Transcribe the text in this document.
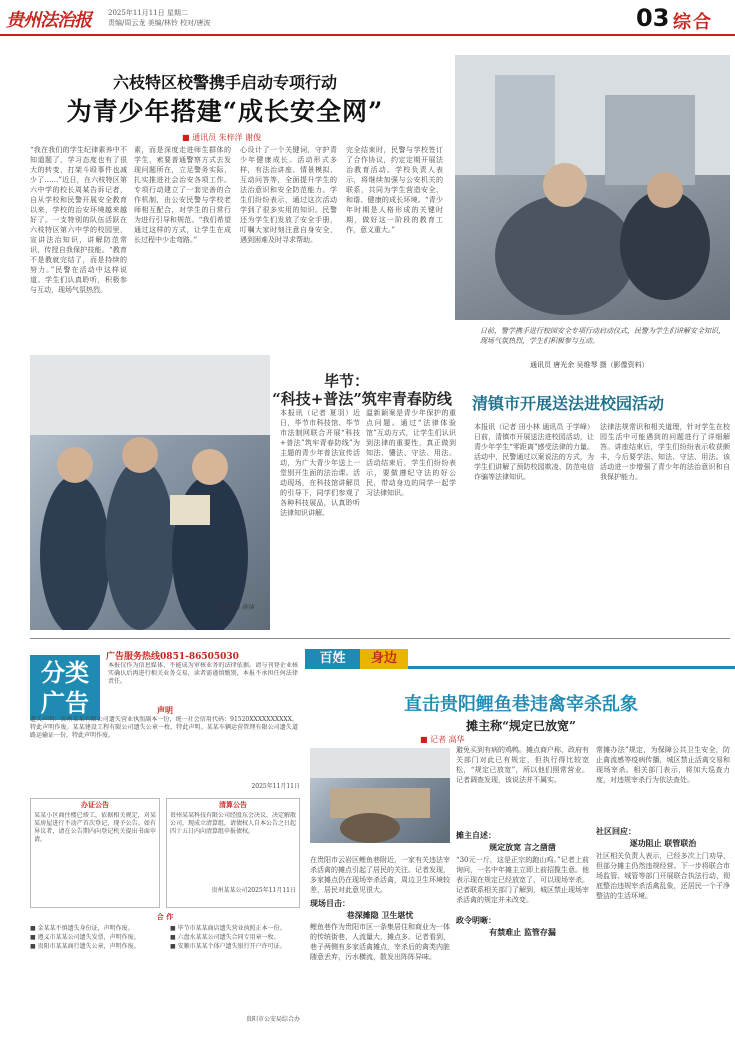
贵州法治报 2025年11月11日 星期二
责编/周云龙 美编/林铃 校对/唐波	03 综合
六枝特区校警携手启动专项行动
为青少年搭建“成长安全网”
■ 通讯员 朱梓洋 谢俊
“我在我们的学生纪律素养中不知道题了，学习态度也有了很大的转变，打架斗殴事件也减少了……”近日，在六枝特区第六中学的校长周某告诉记者，自从学校和民警开展安全教育以来，学校的治安环境越来越好了。一支特别的队伍活跃在六枝特区第六中学的校园里，宣讲法治知识，讲解防范常识，传授自我保护技能。“教育不是教就完结了，而是持续的努力。”民警在活动中这样说道。学生们认真聆听，积极参与互动，现场气氛热烈。
素，而是深度走进师生群体的学生，索要普通警察方式去发现问题所在，立足警务实际，扎实推进社会治安各项工作。专项行动建立了一套完善的合作机制，由公安民警与学校老师相互配合，对学生的日常行为进行引导和规范。“我们希望通过这样的方式，让学生在成长过程中少走弯路。”
心设计了一个关键词，守护青少年健康成长。活动形式多样，有法治讲座、情景模拟、互动问答等，全面提升学生的法治意识和安全防范能力。学生们纷纷表示，通过这次活动学到了很多实用的知识。民警还为学生们发放了安全手册，叮嘱大家时刻注意自身安全，遇到困难及时寻求帮助。
完全结束时，民警与学校签订了合作协议，约定定期开展法治教育活动。学校负责人表示，将继续加强与公安机关的联系，共同为学生营造安全、和谐、健康的成长环境。“青少年时期是人格形成的关键时期，做好这一阶段的教育工作，意义重大。”
日前，警学携手进行校园安全专项行动启动仪式，民警为学生们讲解安全知识，现场气氛热烈，学生们积极参与互动。
通讯员 唐光余 吴维琴 摄（影像资料）
毕节：
“科技+普法”筑牢青春防线
通讯员 蒋伟
本报讯（记者 夏羽）近日，毕节市科技馆、毕节市法制网联合开展“科技+普法”筑牢青春防线”为主题的青少年普法宣传活动，为广大青少年送上一堂别开生面的法治课。活动现场，在科技馆讲解员的引导下，同学们参观了各种科技展品，认真聆听法律知识讲解。
温新颖案是青少年保护的重点问题。通过“法律体验馆”互动方式，让学生们认识到法律的重要性，真正做到知法、懂法、守法、用法。活动结束后，学生们纷纷表示，要做遵纪守法的好公民，带动身边的同学一起学习法律知识。
清镇市开展送法进校园活动
本报讯（记者 田小林 通讯员 于学峰）日前，清镇市开展送法进校园活动，让青少年学生“零距离”感受法律的力量。活动中，民警通过以案说法的方式，为学生们讲解了预防校园欺凌、防范电信诈骗等法律知识。
法律法规常识和相关道理，针对学生在校园生活中可能遇到的问题进行了详细解答。讲座结束后，学生们纷纷表示收获颇丰，今后要学法、知法、守法、用法。该活动进一步增强了青少年的法治意识和自我保护能力。
广告服务热线0851-86505030
分类
广告
本报仅作为信息媒体，不能成为审核业务的法律依据。请与刊登企业核实确认后再进行相关业务交易，读者需谨慎甄别，本报不承担任何法律责任。
声明
遗失声明：贵州某某有限公司遗失营业执照副本一份，统一社会信用代码：91520XXXXXXXXXX，特此声明作废。某某建设工程有限公司遗失公章一枚，特此声明。某某车辆运营管理有限公司遗失道路运输证一份，特此声明作废。
2025年11月11日
办证公告
某某小区商住楼已竣工，依据相关规定，对某某房屋进行不动产首次登记，现予公告。如有异议者，请在公告期内向登记机关提出书面申请。
清算公告
贵州某某科技有限公司经股东会决议，决定解散公司，现成立清算组，请债权人自本公告之日起四十五日内向清算组申报债权。
贵州某某公司2025年11月11日
合 作
■ 金某某不慎遗失身份证，声明作废。
■ 遵义市某某公司遗失发票，声明作废。
■ 贵阳市某某商行遗失公章，声明作废。
■ 毕节市某某商店遗失营业执照正本一份。
■ 六盘水某某公司遗失合同专用章一枚。
■ 安顺市某某个体户遗失银行开户许可证。
贵阳市公安局综合办
百姓	身边
直击贵阳鲤鱼巷违禽宰杀乱象
摊主称“规定已放宽”
■ 记者 高华
在贵阳市云岩区鲤鱼巷附近，一家有关违法宰杀活禽的摊点引起了居民的关注。记者发现，多家摊点仍在现场宰杀活禽，周边卫生环境较差，居民对此意见很大。
现场目击：
巷深摊隐 卫生堪忧
鲤鱼巷作为贵阳市区一条集居住和商业为一体的传统街巷，人流量大，摊点多。记者看到，巷子两侧有多家活禽摊点，宰杀后的禽类内脏随意丢弃，污水横流，散发出阵阵异味。
避免买到有病的鸡鸭。摊点商户称，政府有关部门对此已有规定，但执行得比较宽松，“规定已放宽”，所以他们照常营业。记者调查发现，该说法并不属实。
摊主自述：
规定放宽 言之凿凿
“30元一斤，这是正宗的跑山鸡。”记者上前询问，一名中年摊主立即上前招揽生意。他表示现在规定已经放宽了，可以现场宰杀。记者联系相关部门了解到，城区禁止现场宰杀活禽的规定并未改变。
政令明晰：
有禁难止 监管存漏
常摊办法”规定，为保障公共卫生安全，防止禽流感等疫病传播，城区禁止活禽交易和现场宰杀。相关部门表示，将加大巡查力度，对违规宰杀行为依法查处。
社区回应：
逐功阻止 联管联治
社区相关负责人表示，已经多次上门劝导，但部分摊主仍然违规经营。下一步将联合市场监管、城管等部门开展联合执法行动，彻底整治违规宰杀活禽乱象，还居民一个干净整洁的生活环境。
